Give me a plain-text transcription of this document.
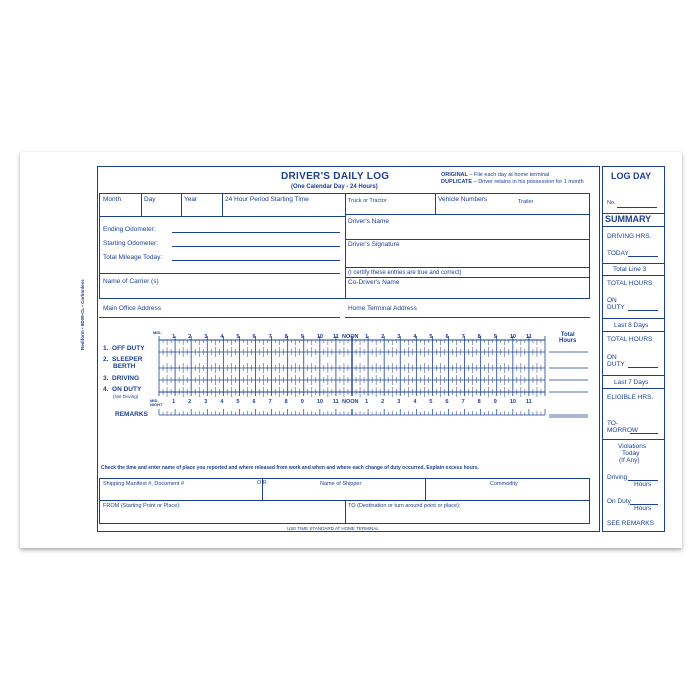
Rediform • 8D09-CL • Carbonless
DRIVER'S DAILY LOG
(One Calendar Day - 24 Hours)
ORIGINAL – File each day at home terminal
DUPLICATE – Driver retains in his possession for 1 month
Month	Day	Year	24 Hour Period Starting Time	Truck or Tractor	Vehicle Numbers	Trailer
Ending Odometer:
Starting Odometer:
Total Mileage Today:
Name of Carrier (s)
Driver's Name
Driver's Signature
(I certify these entries are true and correct)
Co-Driver's Name
Main Office Address	Home Terminal Address
MID-
MID-
NIGHT
NOON
NOON
1 2 3 4 5 6 7 8 9 10 11	1 2 3 4 5 6 7 8 9 10 11
1 2 3 4 5 6 7 8 9 10 11	1 2 3 4 5 6 7 8 9 10 11
Total
Hours
1. OFF DUTY
2. SLEEPER
BERTH
3. DRIVING
4. ON DUTY
(Not Driving)
REMARKS
Check the time and enter name of place you reported and where released from work and when and where each change of duty occurred. Explain excess hours.
Shipping Manifest #, Document #	O R	Name of Shipper	Commodity
FROM (Starting Point or Place):	TO (Destination or turn around point or place):
USE TIME STANDARD AT HOME TERMINAL
LOG DAY
No.
SUMMARY
DRIVING HRS.
TODAY
Total Line 3
TOTAL HOURS
ON
DUTY
Last 8 Days
TOTAL HOURS
ON
DUTY
Last 7 Days
ELIGIBLE HRS.
TO-
MORROW
Violations
Today
(If Any)
Driving
Hours
On Duty
Hours
SEE REMARKS
